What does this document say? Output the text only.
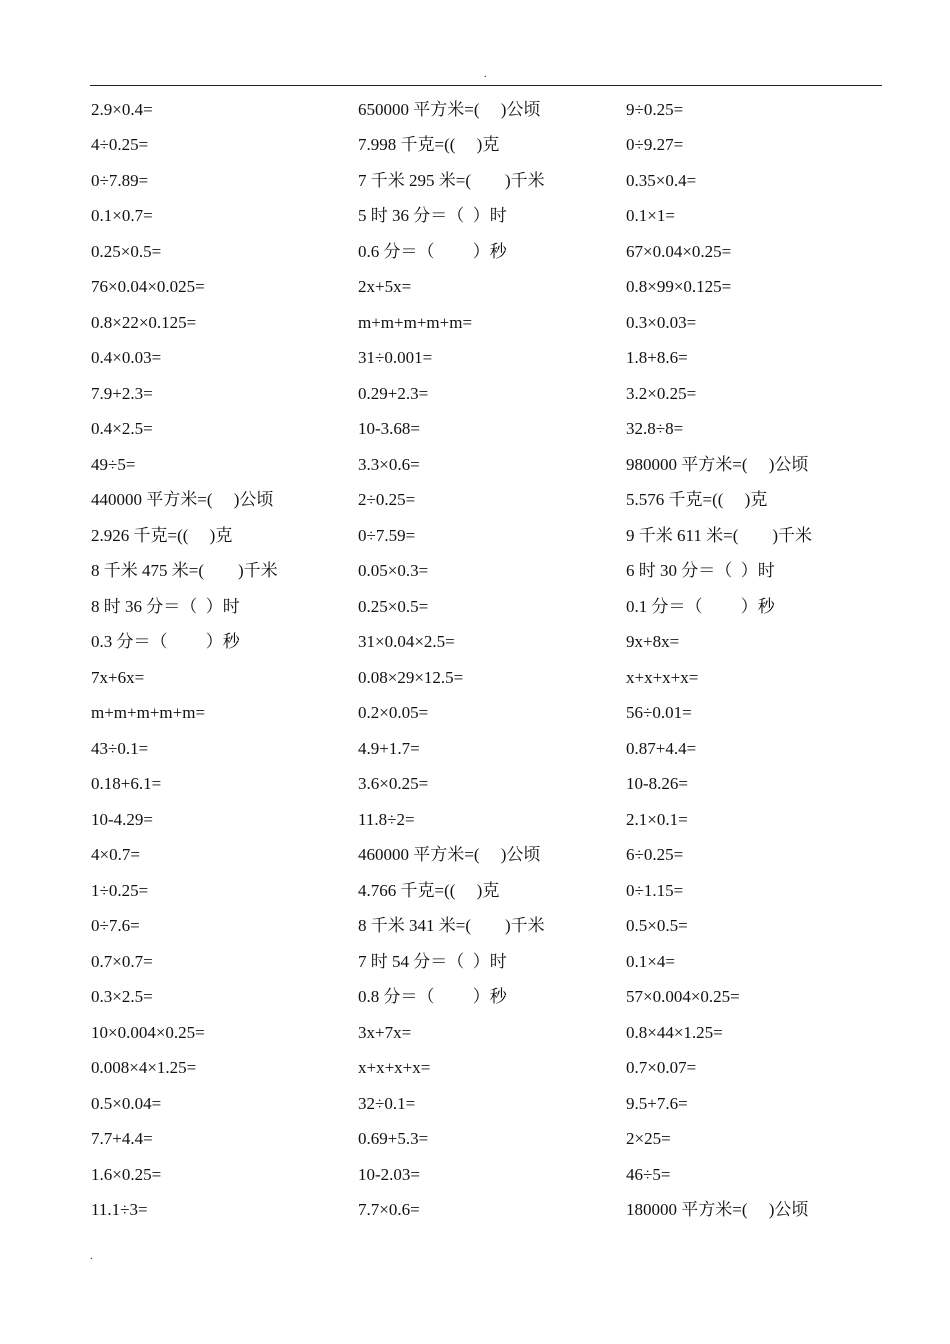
.
2.9×0.4=	650000 平方米=(     )公顷	9÷0.25=
4÷0.25=	7.998 千克=((     )克	0÷9.27=
0÷7.89=	7 千米 295 米=(        )千米	0.35×0.4=
0.1×0.7=	5 时 36 分＝（  ）时	0.1×1=
0.25×0.5=	0.6 分＝（         ）秒	67×0.04×0.25=
76×0.04×0.025=	2x+5x=	0.8×99×0.125=
0.8×22×0.125=	m+m+m+m+m=	0.3×0.03=
0.4×0.03=	31÷0.001=	1.8+8.6=
7.9+2.3=	0.29+2.3=	3.2×0.25=
0.4×2.5=	10-3.68=	32.8÷8=
49÷5=	3.3×0.6=	980000 平方米=(     )公顷
440000 平方米=(     )公顷	2÷0.25=	5.576 千克=((     )克
2.926 千克=((     )克	0÷7.59=	9 千米 611 米=(        )千米
8 千米 475 米=(        )千米	0.05×0.3=	6 时 30 分＝（  ）时
8 时 36 分＝（  ）时	0.25×0.5=	0.1 分＝（         ）秒
0.3 分＝（         ）秒	31×0.04×2.5=	9x+8x=
7x+6x=	0.08×29×12.5=	x+x+x+x=
m+m+m+m+m=	0.2×0.05=	56÷0.01=
43÷0.1=	4.9+1.7=	0.87+4.4=
0.18+6.1=	3.6×0.25=	10-8.26=
10-4.29=	11.8÷2=	2.1×0.1=
4×0.7=	460000 平方米=(     )公顷	6÷0.25=
1÷0.25=	4.766 千克=((     )克	0÷1.15=
0÷7.6=	8 千米 341 米=(        )千米	0.5×0.5=
0.7×0.7=	7 时 54 分＝（  ）时	0.1×4=
0.3×2.5=	0.8 分＝（         ）秒	57×0.004×0.25=
10×0.004×0.25=	3x+7x=	0.8×44×1.25=
0.008×4×1.25=	x+x+x+x=	0.7×0.07=
0.5×0.04=	32÷0.1=	9.5+7.6=
7.7+4.4=	0.69+5.3=	2×25=
1.6×0.25=	10-2.03=	46÷5=
11.1÷3=	7.7×0.6=	180000 平方米=(     )公顷
.
